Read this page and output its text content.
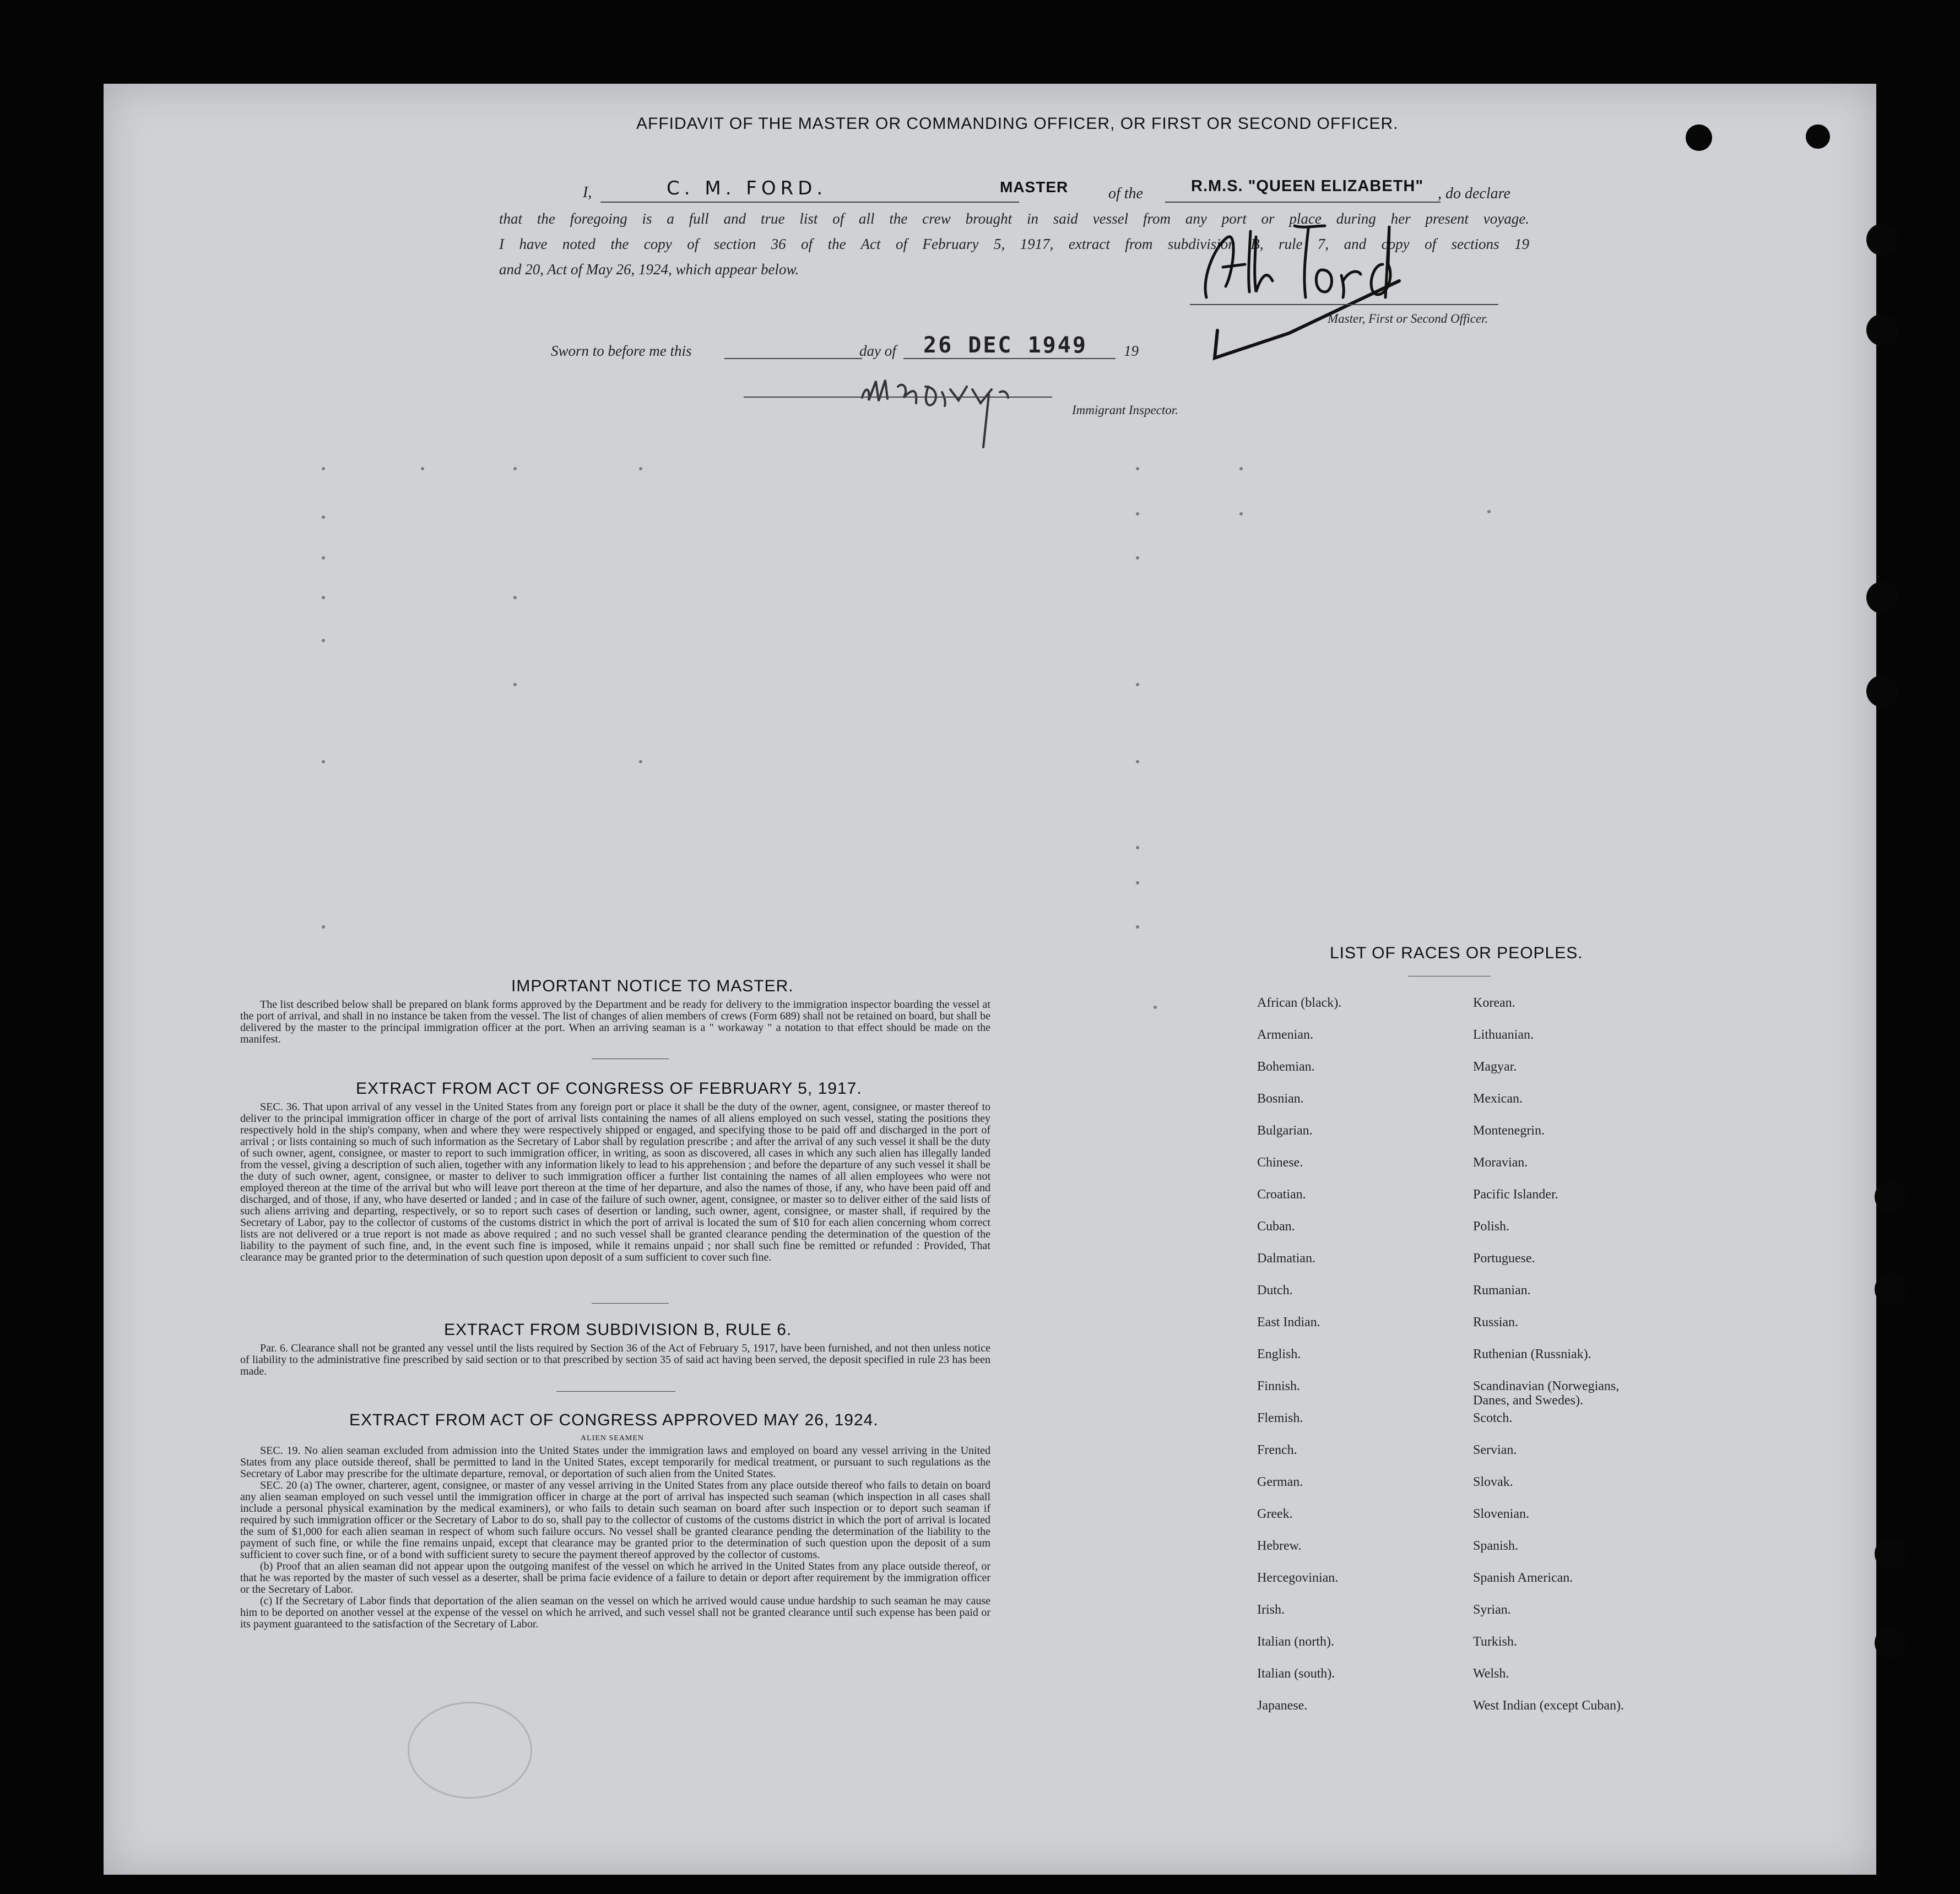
AFFIDAVIT OF THE MASTER OR COMMANDING OFFICER, OR FIRST OR SECOND OFFICER.
I,	C. M. FORD.	MASTER	of the	R.M.S. "QUEEN ELIZABETH" , do declare
that the foregoing is a full and true list of all the crew brought in said vessel from any port or place during her present voyage.
I have noted the copy of section 36 of the Act of February 5, 1917, extract from subdivision B, rule 7, and copy of sections 19
and 20, Act of May 26, 1924, which appear below.
Master, First or Second Officer.
Sworn to before me this	day of 26 DEC 1949 19
Immigrant Inspector.
IMPORTANT NOTICE TO MASTER.
The list described below shall be prepared on blank forms approved by the Department and be ready for delivery to the immigration inspector boarding the vessel at the port of arrival, and shall in no instance be taken from the vessel. The list of changes of alien members of crews (Form 689) shall not be retained on board, but shall be delivered by the master to the principal immigration officer at the port. When an arriving seaman is a " workaway " a notation to that effect should be made on the manifest.
EXTRACT FROM ACT OF CONGRESS OF FEBRUARY 5, 1917.
SEC. 36. That upon arrival of any vessel in the United States from any foreign port or place it shall be the duty of the owner, agent, consignee, or master thereof to deliver to the principal immigration officer in charge of the port of arrival lists containing the names of all aliens employed on such vessel, stating the positions they respectively hold in the ship's company, when and where they were respectively shipped or engaged, and specifying those to be paid off and discharged in the port of arrival ; or lists containing so much of such information as the Secretary of Labor shall by regulation prescribe ; and after the arrival of any such vessel it shall be the duty of such owner, agent, consignee, or master to report to such immigration officer, in writing, as soon as discovered, all cases in which any such alien has illegally landed from the vessel, giving a description of such alien, together with any information likely to lead to his apprehension ; and before the departure of any such vessel it shall be the duty of such owner, agent, consignee, or master to deliver to such immigration officer a further list containing the names of all alien employees who were not employed thereon at the time of the arrival but who will leave port thereon at the time of her departure, and also the names of those, if any, who have been paid off and discharged, and of those, if any, who have deserted or landed ; and in case of the failure of such owner, agent, consignee, or master so to deliver either of the said lists of such aliens arriving and departing, respectively, or so to report such cases of desertion or landing, such owner, agent, consignee, or master shall, if required by the Secretary of Labor, pay to the collector of customs of the customs district in which the port of arrival is located the sum of $10 for each alien concerning whom correct lists are not delivered or a true report is not made as above required ; and no such vessel shall be granted clearance pending the determination of the question of the liability to the payment of such fine, and, in the event such fine is imposed, while it remains unpaid ; nor shall such fine be remitted or refunded : Provided, That clearance may be granted prior to the determination of such question upon deposit of a sum sufficient to cover such fine.
EXTRACT FROM SUBDIVISION B, RULE 6.
Par. 6. Clearance shall not be granted any vessel until the lists required by Section 36 of the Act of February 5, 1917, have been furnished, and not then unless notice of liability to the administrative fine prescribed by said section or to that prescribed by section 35 of said act having been served, the deposit specified in rule 23 has been made.
EXTRACT FROM ACT OF CONGRESS APPROVED MAY 26, 1924.
ALIEN SEAMEN

SEC. 19. No alien seaman excluded from admission into the United States under the immigration laws and employed on board any vessel arriving in the United States from any place outside thereof, shall be permitted to land in the United States, except temporarily for medical treatment, or pursuant to such regulations as the Secretary of Labor may prescribe for the ultimate departure, removal, or deportation of such alien from the United States.

SEC. 20 (a) The owner, charterer, agent, consignee, or master of any vessel arriving in the United States from any place outside thereof who fails to detain on board any alien seaman employed on such vessel until the immigration officer in charge at the port of arrival has inspected such seaman (which inspection in all cases shall include a personal physical examination by the medical examiners), or who fails to detain such seaman on board after such inspection or to deport such seaman if required by such immigration officer or the Secretary of Labor to do so, shall pay to the collector of customs of the customs district in which the port of arrival is located the sum of $1,000 for each alien seaman in respect of whom such failure occurs. No vessel shall be granted clearance pending the determination of the liability to the payment of such fine, or while the fine remains unpaid, except that clearance may be granted prior to the determination of such question upon the deposit of a sum sufficient to cover such fine, or of a bond with sufficient surety to secure the payment thereof approved by the collector of customs.

(b) Proof that an alien seaman did not appear upon the outgoing manifest of the vessel on which he arrived in the United States from any place outside thereof, or that he was reported by the master of such vessel as a deserter, shall be prima facie evidence of a failure to detain or deport after requirement by the immigration officer or the Secretary of Labor.

(c) If the Secretary of Labor finds that deportation of the alien seaman on the vessel on which he arrived would cause undue hardship to such seaman he may cause him to be deported on another vessel at the expense of the vessel on which he arrived, and such vessel shall not be granted clearance until such expense has been paid or its payment guaranteed to the satisfaction of the Secretary of Labor.

LIST OF RACES OR PEOPLES.
African (black).
Armenian.
Bohemian.
Bosnian.
Bulgarian.
Chinese.
Croatian.
Cuban.
Dalmatian.
Dutch.
East Indian.
English.
Finnish.
Flemish.
French.
German.
Greek.
Hebrew.
Hercegovinian.
Irish.
Italian (north).
Italian (south).
Japanese.
Korean.
Lithuanian.
Magyar.
Mexican.
Montenegrin.
Moravian.
Pacific Islander.
Polish.
Portuguese.
Rumanian.
Russian.
Ruthenian (Russniak).
Scandinavian (Norwegians, Danes, and Swedes).
Scotch.
Servian.
Slovak.
Slovenian.
Spanish.
Spanish American.
Syrian.
Turkish.
Welsh.
West Indian (except Cuban).
